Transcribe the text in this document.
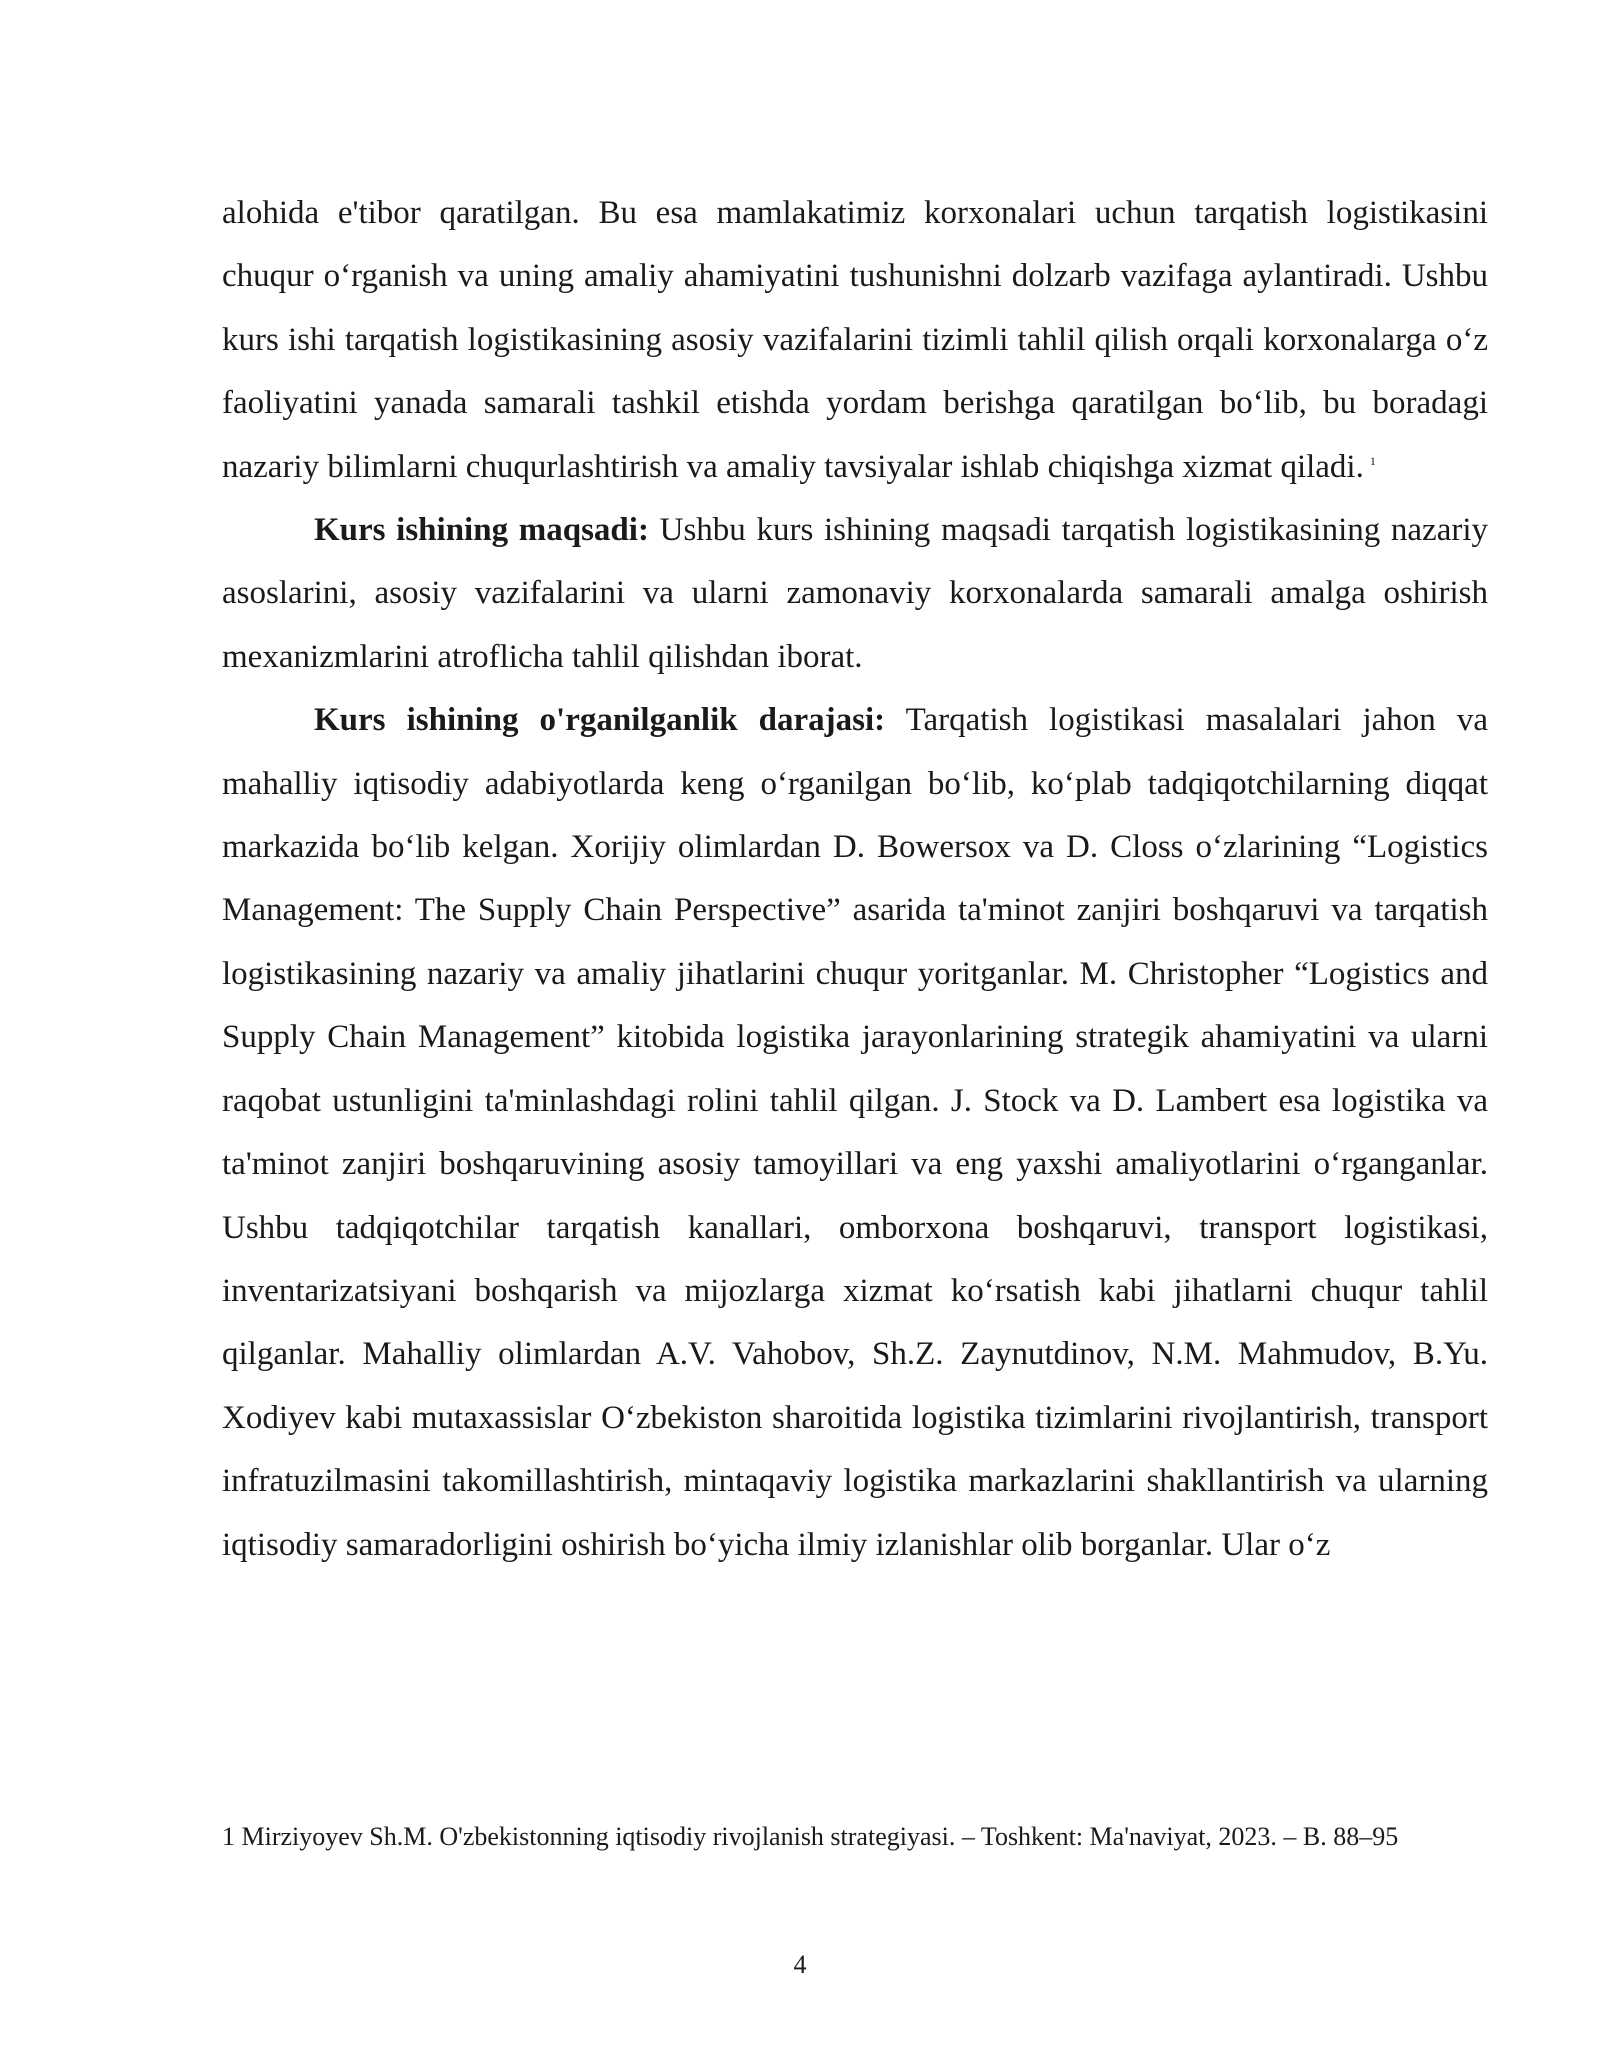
alohida e'tibor qaratilgan. Bu esa mamlakatimiz korxonalari uchun tarqatish logistikasini chuqur o‘rganish va uning amaliy ahamiyatini tushunishni dolzarb vazifaga aylantiradi. Ushbu kurs ishi tarqatish logistikasining asosiy vazifalarini tizimli tahlil qilish orqali korxonalarga o‘z faoliyatini yanada samarali tashkil etishda yordam berishga qaratilgan bo‘lib, bu boradagi nazariy bilimlarni chuqurlashtirish va amaliy tavsiyalar ishlab chiqishga xizmat qiladi. $^1$

Kurs ishining maqsadi: Ushbu kurs ishining maqsadi tarqatish logistikasining nazariy asoslarini, asosiy vazifalarini va ularni zamonaviy korxonalarda samarali amalga oshirish mexanizmlarini atroflicha tahlil qilishdan iborat.

Kurs ishining o'rganilganlik darajasi: Tarqatish logistikasi masalalari jahon va mahalliy iqtisodiy adabiyotlarda keng o‘rganilgan bo‘lib, ko‘plab tadqiqotchilarning diqqat markazida bo‘lib kelgan. Xorijiy olimlardan D. Bowersox va D. Closs o‘zlarining “Logistics Management: The Supply Chain Perspective” asarida ta'minot zanjiri boshqaruvi va tarqatish logistikasining nazariy va amaliy jihatlarini chuqur yoritganlar. M. Christopher “Logistics and Supply Chain Management” kitobida logistika jarayonlarining strategik ahamiyatini va ularni raqobat ustunligini ta'minlashdagi rolini tahlil qilgan. J. Stock va D. Lambert esa logistika va ta'minot zanjiri boshqaruvining asosiy tamoyillari va eng yaxshi amaliyotlarini o‘rganganlar. Ushbu tadqiqotchilar tarqatish kanallari, omborxona boshqaruvi, transport logistikasi, inventarizatsiyani boshqarish va mijozlarga xizmat ko‘rsatish kabi jihatlarni chuqur tahlil qilganlar. Mahalliy olimlardan A.V. Vahobov, Sh.Z. Zaynutdinov, N.M. Mahmudov, B.Yu. Xodiyev kabi mutaxassislar O‘zbekiston sharoitida logistika tizimlarini rivojlantirish, transport infratuzilmasini takomillashtirish, mintaqaviy logistika markazlarini shakllantirish va ularning iqtisodiy samaradorligini oshirish bo‘yicha ilmiy izlanishlar olib borganlar. Ular o‘z

1 Mirziyoyev Sh.M. O'zbekistonning iqtisodiy rivojlanish strategiyasi. – Toshkent: Ma'naviyat, 2023. – B. 88–95
4
